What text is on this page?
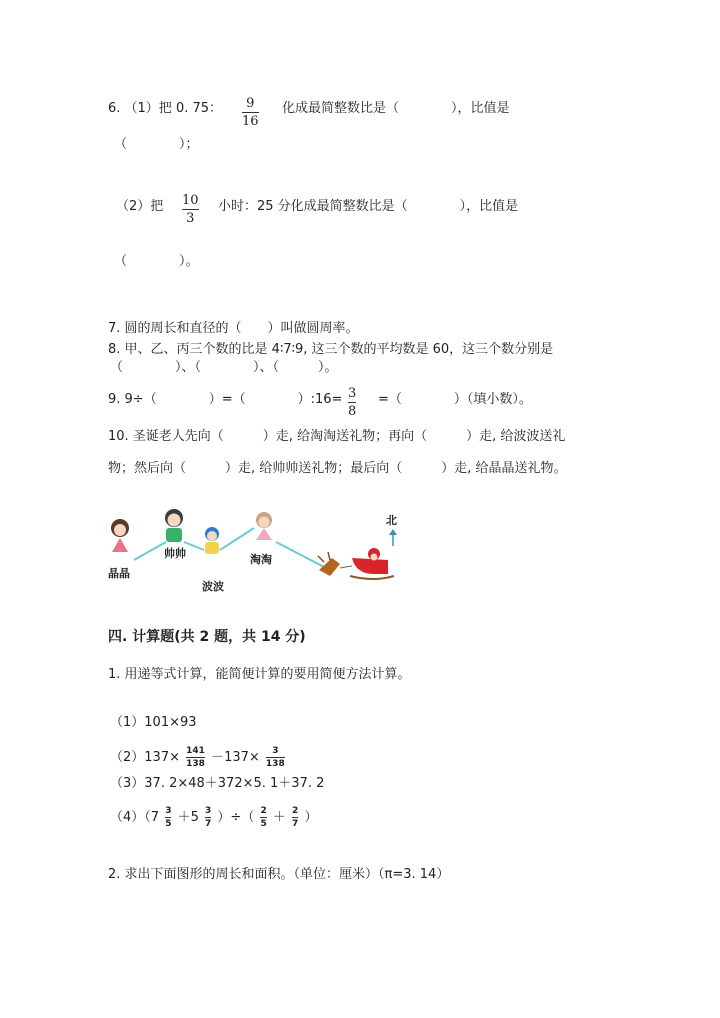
6. （1）把 0. 75： 9
16
化成最简整数比是（　　　　），比值是
（　　　　）；
（2）把 10
3
小时：25 分化成最简整数比是（　　　　），比值是
（　　　　）。
7. 圆的周长和直径的（　　）叫做圆周率。
8. 甲、乙、丙三个数的比是 4∶7∶9, 这三个数的平均数是 60，这三个数分别是
（　　　　）、（　　　　）、（　　　）。
9. 9÷（　　　　）=（　　　　）:16= 3
8
=（　　　　）（填小数）。
10. 圣诞老人先向（　　　）走, 给淘淘送礼物；再向（　　　）走, 给波波送礼
物；然后向（　　　）走, 给帅帅送礼物；最后向（　　　）走, 给晶晶送礼物。
晶晶
帅帅
波波
淘淘
北
四. 计算题(共 2 题，共 14 分)
1. 用递等式计算，能简便计算的要用简便方法计算。
（1）101×93
$(2)137\times \frac{141}{138} -137\times \frac{3}{138}$
（3）37. 2×48＋372×5. 1＋37. 2
$(4)(7 \frac{3}{5} +5 \frac{3}{7}$ ）÷（ $\frac{2}{5} + \frac{2}{7}$ ）
2. 求出下面图形的周长和面积。（单位：厘米）（π=3. 14）
